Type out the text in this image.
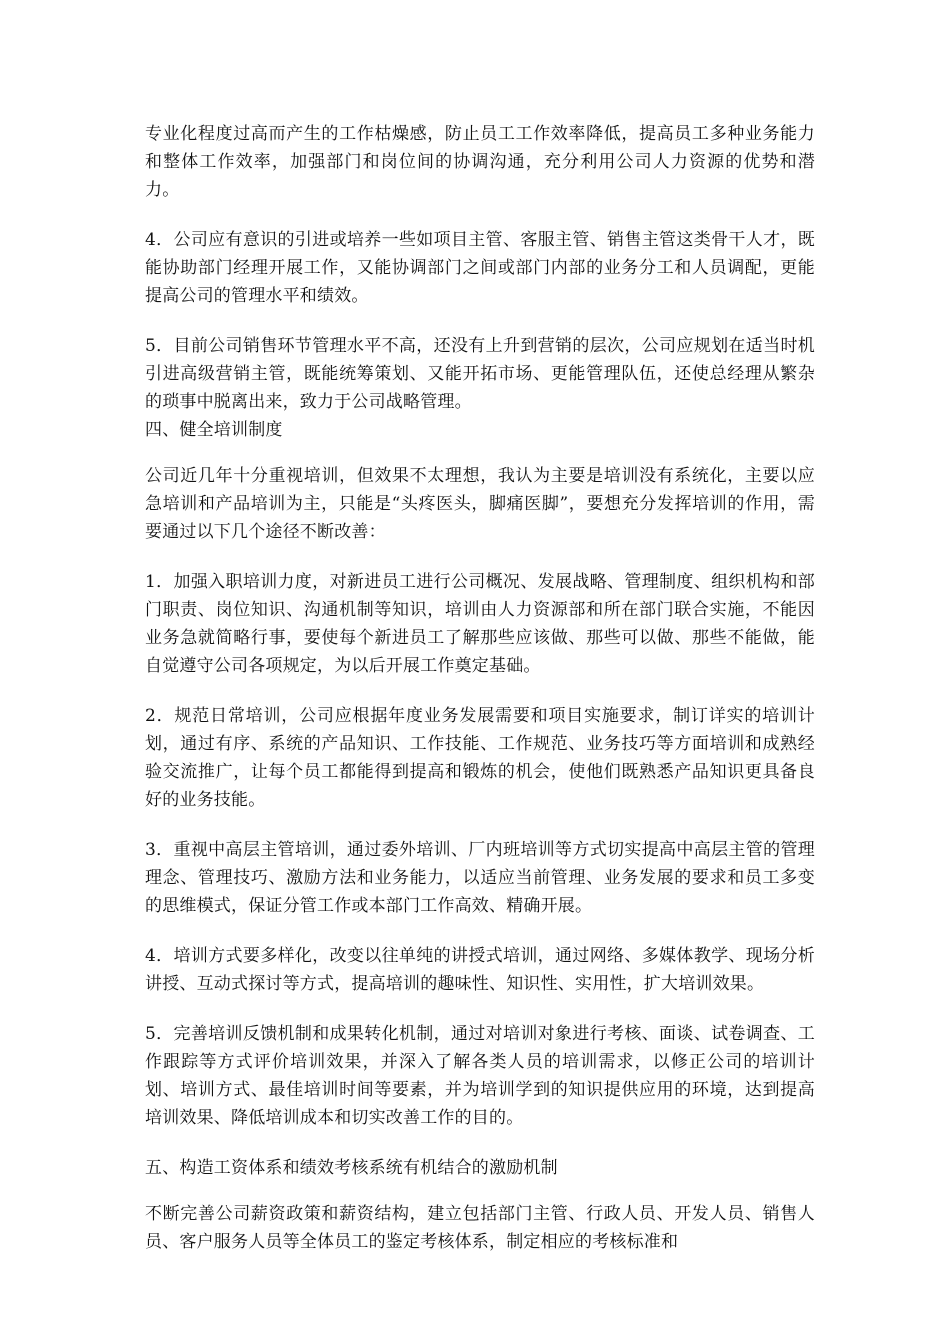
专业化程度过高而产生的工作枯燥感，防止员工工作效率降低，提高员工多种业务能力和整体工作效率，加强部门和岗位间的协调沟通，充分利用公司人力资源的优势和潜力。

4．公司应有意识的引进或培养一些如项目主管、客服主管、销售主管这类骨干人才，既能协助部门经理开展工作，又能协调部门之间或部门内部的业务分工和人员调配，更能提高公司的管理水平和绩效。

5．目前公司销售环节管理水平不高，还没有上升到营销的层次，公司应规划在适当时机引进高级营销主管，既能统筹策划、又能开拓市场、更能管理队伍，还使总经理从繁杂的琐事中脱离出来，致力于公司战略管理。

四、健全培训制度

公司近几年十分重视培训，但效果不太理想，我认为主要是培训没有系统化，主要以应急培训和产品培训为主，只能是“头疼医头，脚痛医脚”，要想充分发挥培训的作用，需要通过以下几个途径不断改善：

1．加强入职培训力度，对新进员工进行公司概况、发展战略、管理制度、组织机构和部门职责、岗位知识、沟通机制等知识，培训由人力资源部和所在部门联合实施，不能因业务急就简略行事，要使每个新进员工了解那些应该做、那些可以做、那些不能做，能自觉遵守公司各项规定，为以后开展工作奠定基础。

2．规范日常培训，公司应根据年度业务发展需要和项目实施要求，制订详实的培训计划，通过有序、系统的产品知识、工作技能、工作规范、业务技巧等方面培训和成熟经验交流推广，让每个员工都能得到提高和锻炼的机会，使他们既熟悉产品知识更具备良好的业务技能。

3．重视中高层主管培训，通过委外培训、厂内班培训等方式切实提高中高层主管的管理理念、管理技巧、激励方法和业务能力，以适应当前管理、业务发展的要求和员工多变的思维模式，保证分管工作或本部门工作高效、精确开展。

4．培训方式要多样化，改变以往单纯的讲授式培训，通过网络、多媒体教学、现场分析讲授、互动式探讨等方式，提高培训的趣味性、知识性、实用性，扩大培训效果。

5．完善培训反馈机制和成果转化机制，通过对培训对象进行考核、面谈、试卷调查、工作跟踪等方式评价培训效果，并深入了解各类人员的培训需求，以修正公司的培训计划、培训方式、最佳培训时间等要素，并为培训学到的知识提供应用的环境，达到提高培训效果、降低培训成本和切实改善工作的目的。

五、构造工资体系和绩效考核系统有机结合的激励机制

不断完善公司薪资政策和薪资结构，建立包括部门主管、行政人员、开发人员、销售人员、客户服务人员等全体员工的鉴定考核体系，制定相应的考核标准和
